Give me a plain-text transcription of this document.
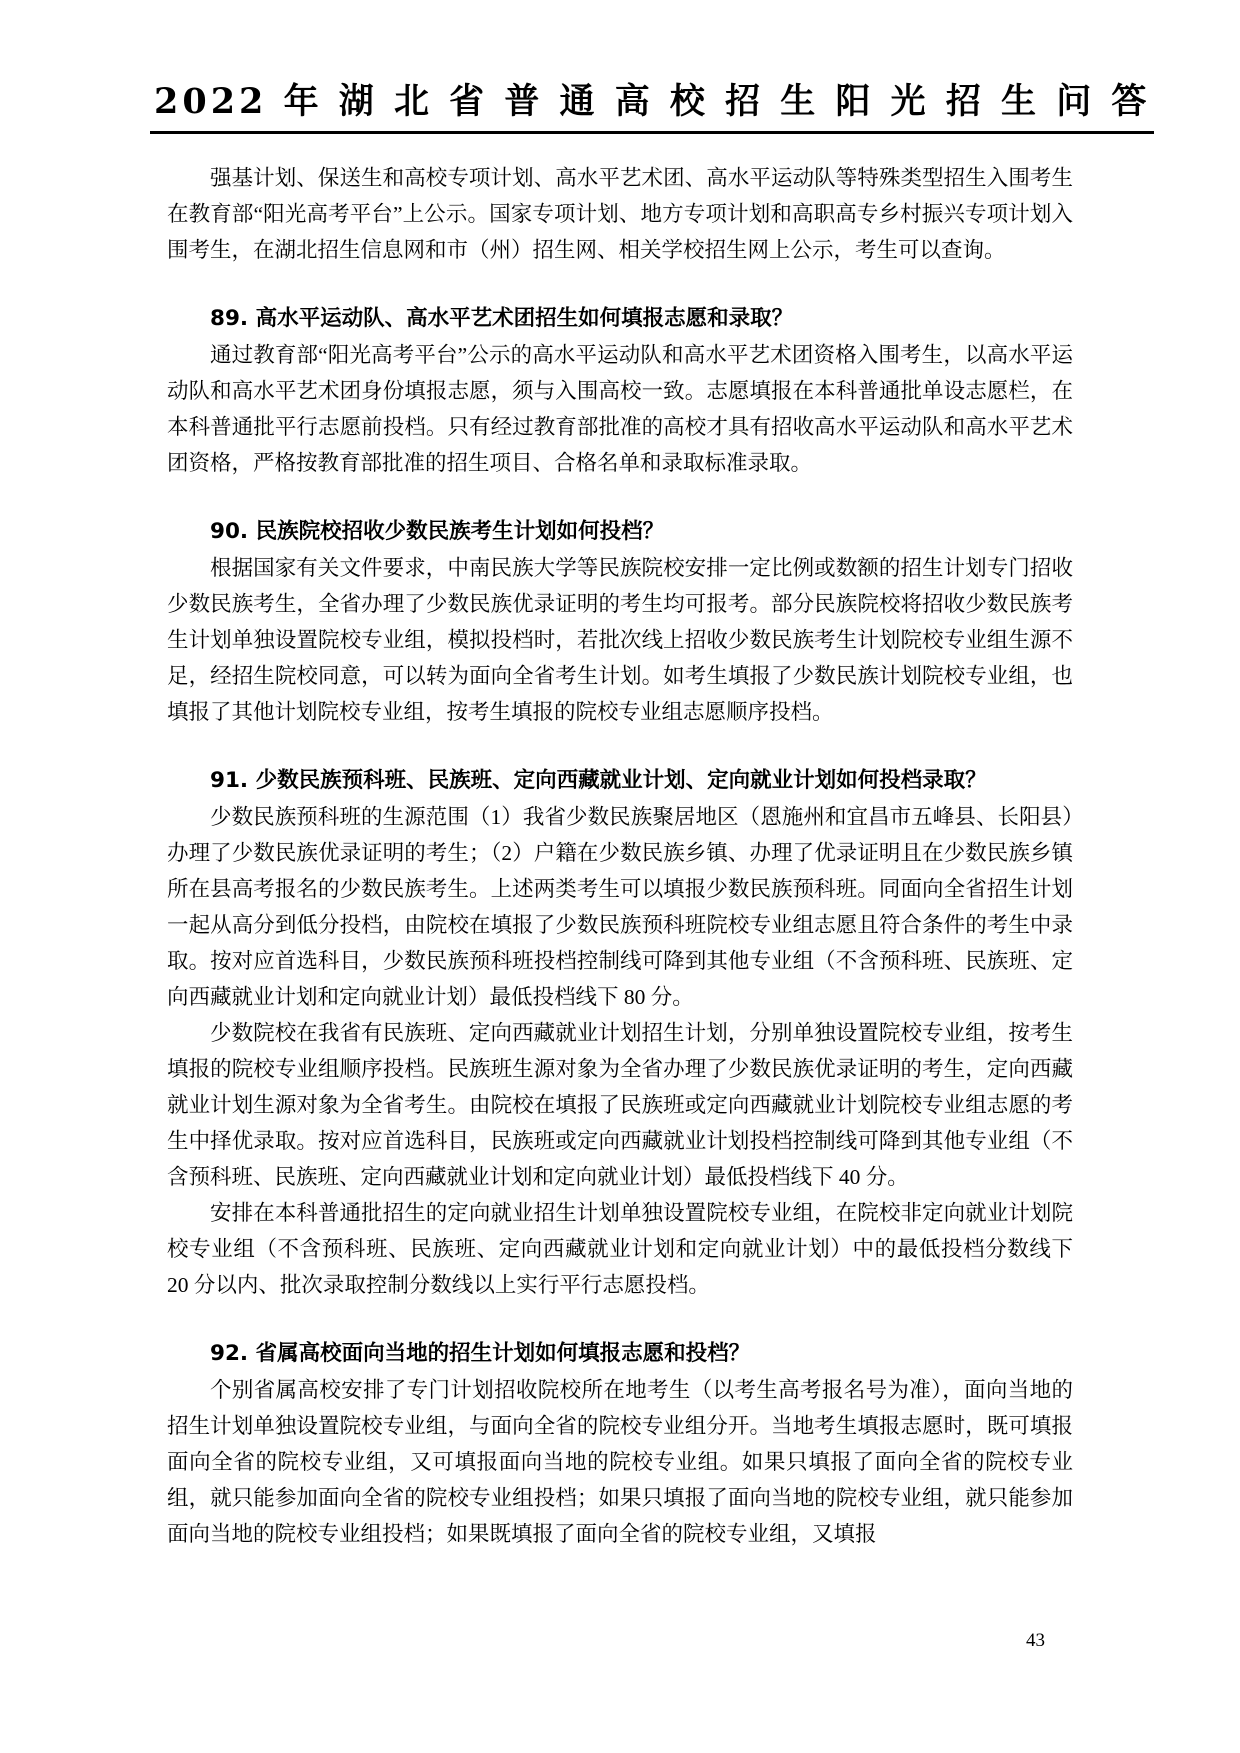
2022 年 湖 北 省 普 通 高 校 招 生 阳 光 招 生 问 答

强基计划、保送生和高校专项计划、高水平艺术团、高水平运动队等特殊类型招生入围考生在教育部“阳光高考平台”上公示。国家专项计划、地方专项计划和高职高专乡村振兴专项计划入围考生，在湖北招生信息网和市（州）招生网、相关学校招生网上公示，考生可以查询。

89. 高水平运动队、高水平艺术团招生如何填报志愿和录取？

通过教育部“阳光高考平台”公示的高水平运动队和高水平艺术团资格入围考生，以高水平运动队和高水平艺术团身份填报志愿，须与入围高校一致。志愿填报在本科普通批单设志愿栏，在本科普通批平行志愿前投档。只有经过教育部批准的高校才具有招收高水平运动队和高水平艺术团资格，严格按教育部批准的招生项目、合格名单和录取标准录取。

90. 民族院校招收少数民族考生计划如何投档？

根据国家有关文件要求，中南民族大学等民族院校安排一定比例或数额的招生计划专门招收少数民族考生，全省办理了少数民族优录证明的考生均可报考。部分民族院校将招收少数民族考生计划单独设置院校专业组，模拟投档时，若批次线上招收少数民族考生计划院校专业组生源不足，经招生院校同意，可以转为面向全省考生计划。如考生填报了少数民族计划院校专业组，也填报了其他计划院校专业组，按考生填报的院校专业组志愿顺序投档。

91. 少数民族预科班、民族班、定向西藏就业计划、定向就业计划如何投档录取？

少数民族预科班的生源范围（1）我省少数民族聚居地区（恩施州和宜昌市五峰县、长阳县）办理了少数民族优录证明的考生；（2）户籍在少数民族乡镇、办理了优录证明且在少数民族乡镇所在县高考报名的少数民族考生。上述两类考生可以填报少数民族预科班。同面向全省招生计划一起从高分到低分投档，由院校在填报了少数民族预科班院校专业组志愿且符合条件的考生中录取。按对应首选科目，少数民族预科班投档控制线可降到其他专业组（不含预科班、民族班、定向西藏就业计划和定向就业计划）最低投档线下 80 分。

少数院校在我省有民族班、定向西藏就业计划招生计划，分别单独设置院校专业组，按考生填报的院校专业组顺序投档。民族班生源对象为全省办理了少数民族优录证明的考生，定向西藏就业计划生源对象为全省考生。由院校在填报了民族班或定向西藏就业计划院校专业组志愿的考生中择优录取。按对应首选科目，民族班或定向西藏就业计划投档控制线可降到其他专业组（不含预科班、民族班、定向西藏就业计划和定向就业计划）最低投档线下 40 分。

安排在本科普通批招生的定向就业招生计划单独设置院校专业组，在院校非定向就业计划院校专业组（不含预科班、民族班、定向西藏就业计划和定向就业计划）中的最低投档分数线下 20 分以内、批次录取控制分数线以上实行平行志愿投档。

92. 省属高校面向当地的招生计划如何填报志愿和投档？

个别省属高校安排了专门计划招收院校所在地考生（以考生高考报名号为准），面向当地的招生计划单独设置院校专业组，与面向全省的院校专业组分开。当地考生填报志愿时，既可填报面向全省的院校专业组，又可填报面向当地的院校专业组。如果只填报了面向全省的院校专业组，就只能参加面向全省的院校专业组投档；如果只填报了面向当地的院校专业组，就只能参加面向当地的院校专业组投档；如果既填报了面向全省的院校专业组，又填报

43
